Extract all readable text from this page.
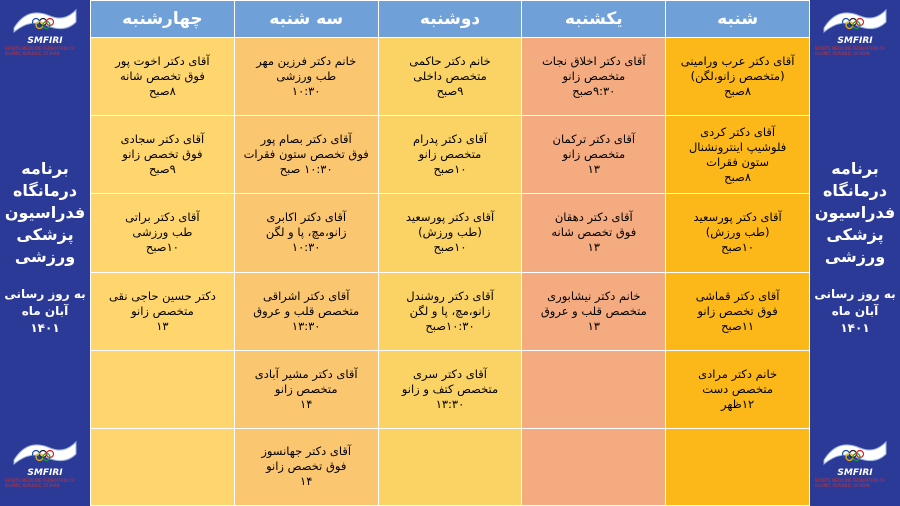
SMFIRI
SPORTS MEDICINE FEDERATION OF ISLAMIC REPUBLIC OF IRAN
برنامه
درمانگاه
فدراسیون
پزشکی
ورزشی
به روز رسانی
آبان ماه
۱۴۰۱
SMFIRI
SPORTS MEDICINE FEDERATION OF ISLAMIC REPUBLIC OF IRAN
شنبه	یکشنبه	دوشنبه	سه شنبه	چهارشنبه

آقای دکتر عرب ورامینی
(متخصص زانو،لگن)
۸صبح	آقای دکتر اخلاق نجات
متخصص زانو
۹:۳۰صبح	خانم دکتر حاکمی
متخصص داخلی
۹صبح	خانم دکتر فرزین مهر
طب ورزشی
۱۰:۳۰	آقای دکتر اخوت پور
فوق تخصص شانه
۸صبح

آقای دکتر کردی
فلوشیپ اینترونشنال
ستون فقرات
۸صبح	آقای دکتر ترکمان
متخصص زانو
۱۳	آقای دکتر پدرام
متخصص زانو
۱۰صبح	آقای دکتر بصام پور
فوق تخصص ستون فقرات
۱۰:۳۰ صبح	آقای دکتر سجادی
فوق تخصص زانو
۹صبح

آقای دکتر پورسعید
(طب ورزش)
۱۰صبح	آقای دکتر دهقان
فوق تخصص شانه
۱۳	آقای دکتر پورسعید
(طب ورزش)
۱۰صبح	آقای دکتر اکابری
زانو،مچ، پا و لگن
۱۰:۳۰	آقای دکتر براتی
طب ورزشی
۱۰صبح

آقای دکتر قماشی
فوق تخصص زانو
۱۱صبح	خانم دکتر نیشابوری
متخصص قلب و عروق
۱۳	آقای دکتر روشندل
زانو،مچ، پا و لگن
۱۰:۳۰صبح	آقای دکتر اشراقی
متخصص قلب و عروق
۱۳:۳۰	دکتر حسین حاجی نقی
متخصص زانو
۱۳

خانم دکتر مرادی
متخصص دست
۱۲ظهر		آقای دکتر سری
متخصص کتف و زانو
۱۳:۳۰	آقای دکتر مشیر آبادی
متخصص زانو
۱۴	

			آقای دکتر جهانسوز
فوق تخصص زانو
۱۴	

SMFIRI
SPORTS MEDICINE FEDERATION OF ISLAMIC REPUBLIC OF IRAN
برنامه
درمانگاه
فدراسیون
پزشکی
ورزشی
به روز رسانی
آبان ماه
۱۴۰۱
SMFIRI
SPORTS MEDICINE FEDERATION OF ISLAMIC REPUBLIC OF IRAN
